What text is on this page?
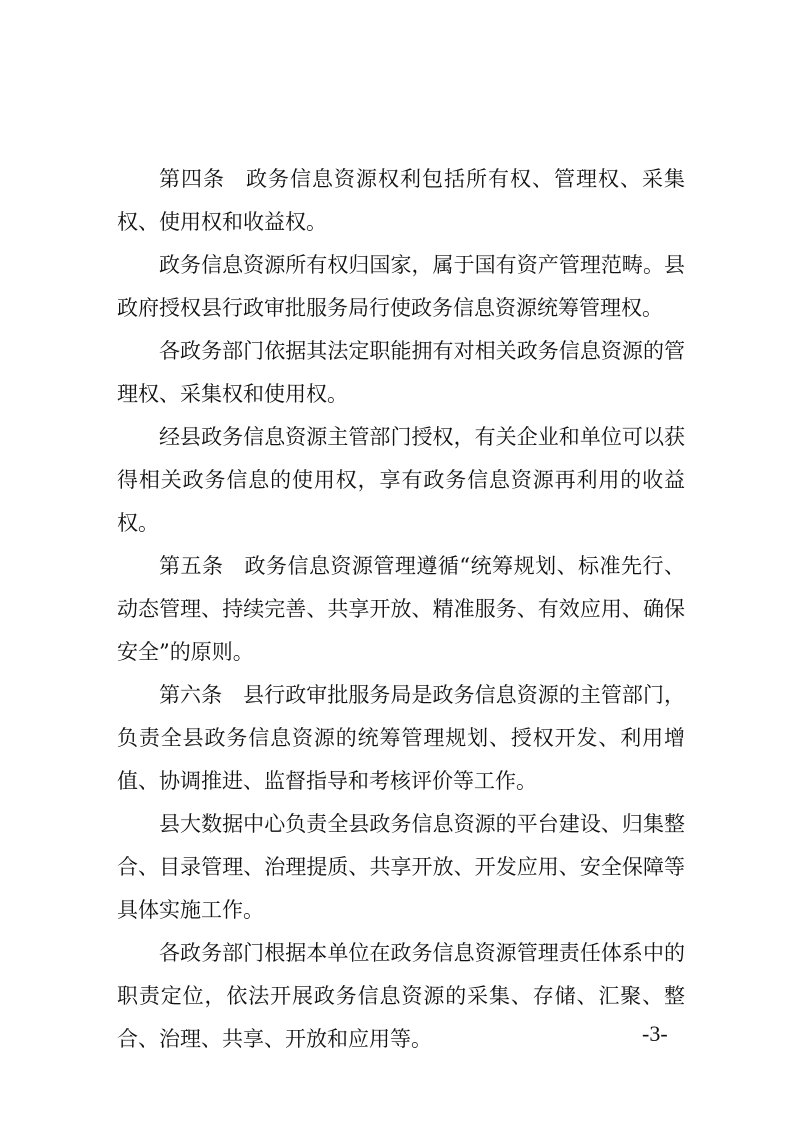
第四条 政务信息资源权利包括所有权、管理权、采集权、使用权和收益权。

政务信息资源所有权归国家，属于国有资产管理范畴。县政府授权县行政审批服务局行使政务信息资源统筹管理权。

各政务部门依据其法定职能拥有对相关政务信息资源的管理权、采集权和使用权。

经县政务信息资源主管部门授权，有关企业和单位可以获得相关政务信息的使用权，享有政务信息资源再利用的收益权。

第五条 政务信息资源管理遵循“统筹规划、标准先行、动态管理、持续完善、共享开放、精准服务、有效应用、确保安全”的原则。

第六条 县行政审批服务局是政务信息资源的主管部门，负责全县政务信息资源的统筹管理规划、授权开发、利用增值、协调推进、监督指导和考核评价等工作。

县大数据中心负责全县政务信息资源的平台建设、归集整合、目录管理、治理提质、共享开放、开发应用、安全保障等具体实施工作。

各政务部门根据本单位在政务信息资源管理责任体系中的职责定位，依法开展政务信息资源的采集、存储、汇聚、整合、治理、共享、开放和应用等。	-3-
